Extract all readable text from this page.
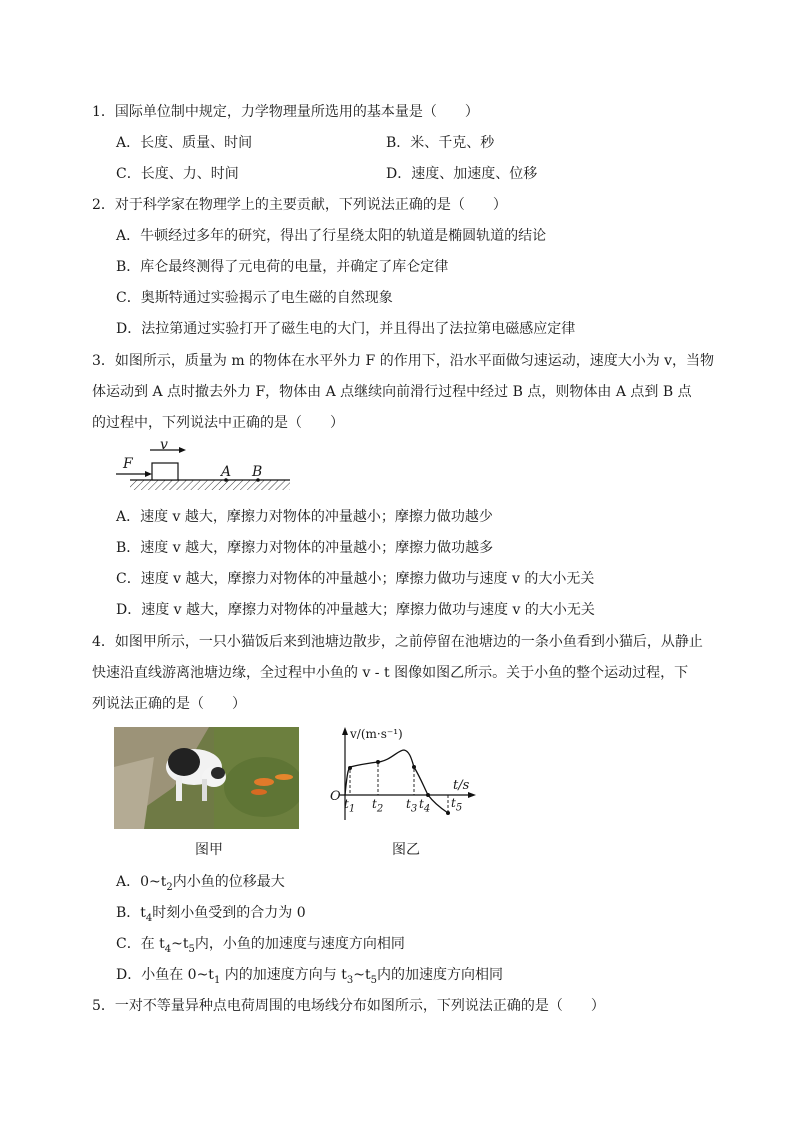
1．国际单位制中规定，力学物理量所选用的基本量是（　　）
A．长度、质量、时间	B．米、千克、秒
C．长度、力、时间	D．速度、加速度、位移
2．对于科学家在物理学上的主要贡献，下列说法正确的是（　　）
A．牛顿经过多年的研究，得出了行星绕太阳的轨道是椭圆轨道的结论
B．库仑最终测得了元电荷的电量，并确定了库仑定律
C．奥斯特通过实验揭示了电生磁的自然现象
D．法拉第通过实验打开了磁生电的大门，并且得出了法拉第电磁感应定律
3．如图所示，质量为 m 的物体在水平外力 F 的作用下，沿水平面做匀速运动，速度大小为 v，当物
体运动到 A 点时撤去外力 F，物体由 A 点继续向前滑行过程中经过 B 点，则物体由 A 点到 B 点
的过程中，下列说法中正确的是（　　）
v
F	A B
A．速度 v 越大，摩擦力对物体的冲量越小；摩擦力做功越少
B．速度 v 越大，摩擦力对物体的冲量越小；摩擦力做功越多
C．速度 v 越大，摩擦力对物体的冲量越小；摩擦力做功与速度 v 的大小无关
D．速度 v 越大，摩擦力对物体的冲量越大；摩擦力做功与速度 v 的大小无关
4．如图甲所示，一只小猫饭后来到池塘边散步，之前停留在池塘边的一条小鱼看到小猫后，从静止
快速沿直线游离池塘边缘，全过程中小鱼的 v - t 图像如图乙所示。关于小鱼的整个运动过程，下
列说法正确的是（　　）
v/(m·s⁻¹)
t/s
O $t_1$ $t_2$ $t_3$ $t_4$ $t_5$
图甲	图乙
A．$0\sim t_2$内小鱼的位移最大
B．$t_4$时刻小鱼受到的合力为 0
C．在 $t_4\sim t_5$内，小鱼的加速度与速度方向相同
D．小鱼在 $0\sim t_1$ 内的加速度方向与 $t_3\sim t_5$内的加速度方向相同
5．一对不等量异种点电荷周围的电场线分布如图所示，下列说法正确的是（　　）
